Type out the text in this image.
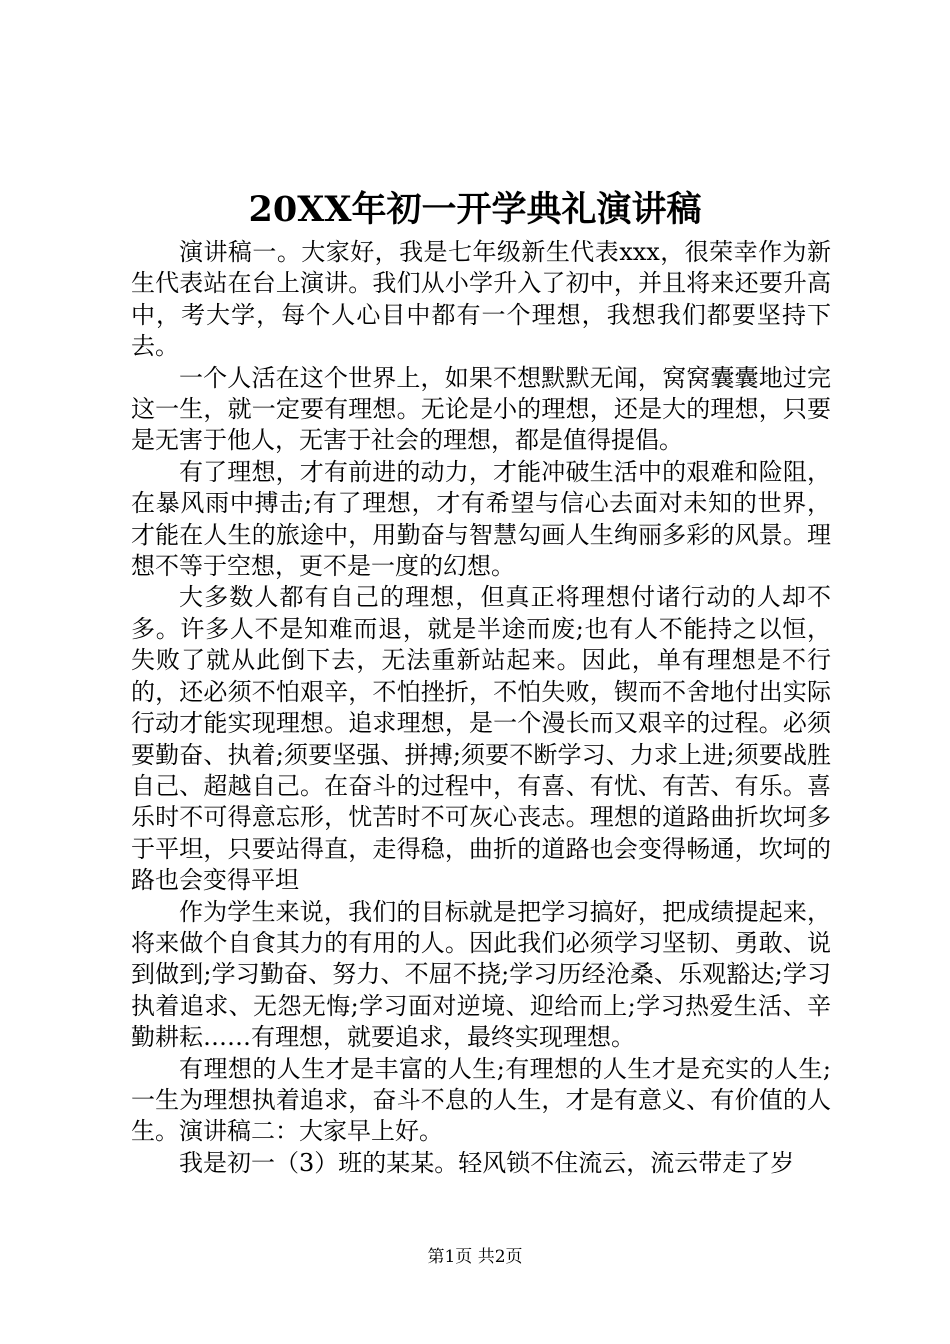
20XX年初一开学典礼演讲稿

演讲稿一。大家好，我是七年级新生代表xxx，很荣幸作为新生代表站在台上演讲。我们从小学升入了初中，并且将来还要升高中，考大学，每个人心目中都有一个理想，我想我们都要坚持下去。

一个人活在这个世界上，如果不想默默无闻，窝窝囊囊地过完这一生，就一定要有理想。无论是小的理想，还是大的理想，只要是无害于他人，无害于社会的理想，都是值得提倡。

有了理想，才有前进的动力，才能冲破生活中的艰难和险阻，在暴风雨中搏击;有了理想，才有希望与信心去面对未知的世界，才能在人生的旅途中，用勤奋与智慧勾画人生绚丽多彩的风景。理想不等于空想，更不是一度的幻想。

大多数人都有自己的理想，但真正将理想付诸行动的人却不多。许多人不是知难而退，就是半途而废;也有人不能持之以恒，失败了就从此倒下去，无法重新站起来。因此，单有理想是不行的，还必须不怕艰辛，不怕挫折，不怕失败，锲而不舍地付出实际行动才能实现理想。追求理想，是一个漫长而又艰辛的过程。必须要勤奋、执着;须要坚强、拼搏;须要不断学习、力求上进;须要战胜自己、超越自己。在奋斗的过程中，有喜、有忧、有苦、有乐。喜乐时不可得意忘形，忧苦时不可灰心丧志。理想的道路曲折坎坷多于平坦，只要站得直，走得稳，曲折的道路也会变得畅通，坎坷的路也会变得平坦

作为学生来说，我们的目标就是把学习搞好，把成绩提起来，将来做个自食其力的有用的人。因此我们必须学习坚韧、勇敢、说到做到;学习勤奋、努力、不屈不挠;学习历经沧桑、乐观豁达;学习执着追求、无怨无悔;学习面对逆境、迎给而上;学习热爱生活、辛勤耕耘……有理想，就要追求，最终实现理想。

有理想的人生才是丰富的人生;有理想的人生才是充实的人生;一生为理想执着追求，奋斗不息的人生，才是有意义、有价值的人生。演讲稿二：大家早上好。

我是初一（3）班的某某。轻风锁不住流云，流云带走了岁

第1页 共2页
